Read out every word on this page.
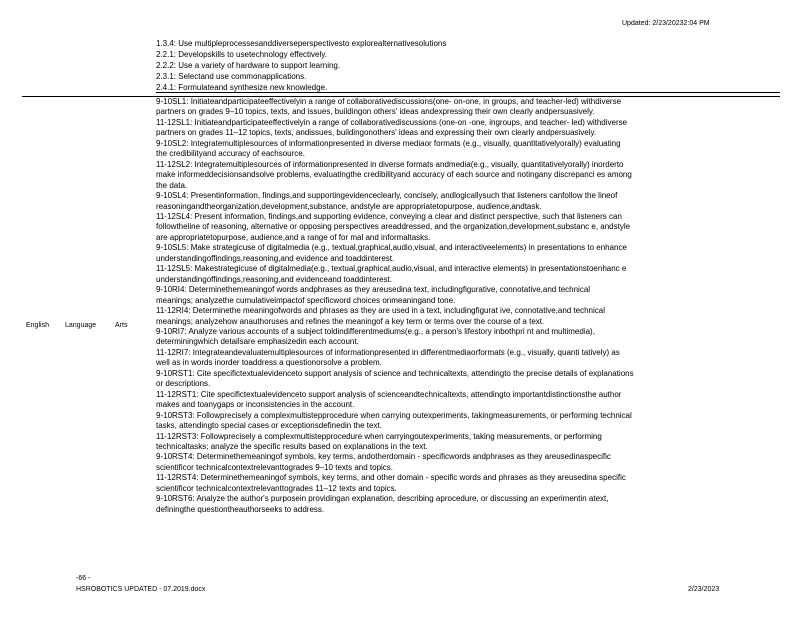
Updated: 2/23/20232:04 PM
1.3.4: Use multipleprocessesanddiverseperspectivesto explorealternativesolutions
2.2.1: Developskills to usetechnology effectively.
2.2.2: Use a variety of hardware to support learning.
2.3.1: Selectand use commonapplications.
2.4.1: Formulateand synthesize new knowledge.
English Language	Arts
9-10SL1: Initiateandparticipateeffectivelyin a range of collaborativediscussions(one- on-one, in groups, and teacher-led) withdiverse
partners on grades 9–10 topics, texts, and issues, buildingon others' ideas andexpressing their own clearly andpersuasively.
11-12SL1: Initiateandparticipateeffectivelyin a range of collaborativediscussions (one-on -one, ingroups, and teacher- led) withdiverse
partners on grades 11–12 topics, texts, andissues, buildingonothers' ideas and expressing their own clearly andpersuasively.
9-10SL2: Integratemultiplesources of informationpresented in diverse mediaor formats (e.g., visually, quantitativelyorally) evaluating
the credibilityand accuracy of eachsource.
11-12SL2: Integratemultiplesources of informationpresented in diverse formats andmedia(e.g., visually, quantitativelyorally) inorderto
make informeddecisionsandsolve problems, evaluatingthe credibilityand accuracy of each source and notingany discrepanci es among
the data.
9-10SL4: Presentinformation, findings,and supportingevidenceclearly, concisely, andlogicallysuch that listeners canfollow the lineof
reasoningandtheorganization,development,substance, andstyle are appropriatetopurpose, audience,andtask.
11-12SL4: Present information, findings,and supporting evidence, conveying a clear and distinct perspective, such that listeners can
followtheline of reasoning, alternative or opposing perspectives areaddressed, and the organization,development,substanc e, andstyle
are appropriatetopurpose, audience,and a range of for mal and informaltasks.
9-10SL5: Make strategicuse of digitalmedia (e.g., textual,graphical,audio,visual, and interactiveelements) in presentations to enhance
understandingoffindings,reasoning,and evidence and toaddinterest.
11-12SL5: Makestrategicuse of digitalmedia(e.g., textual,graphical,audio,visual, and interactive elements) in presentationstoenhanc e
understandingoffindings,reasoning,and evidenceand toaddinterest.
9-10RI4: Determinethemeaningof words andphrases as they areusedina text, includingfigurative, connotative,and technical
meanings; analyzethe cumulativeimpactof specificword choices onmeaningand tone.
11-12RI4: Determinethe meaningofwords and phrases as they are used in a text, includingfigurat ive, connotative,and technical
meanings; analyzehow anauthoruses and refines the meaningof a key term or terms over the course of a text.
9-10RI7: Analyze various accounts of a subject toldindifferentmediums(e.g., a person's lifestory inbothpri nt and multimedia),
determiningwhich detailsare emphasizedin each account.
11-12RI7: Integrateandevaluatemultiplesources of informationpresented in differentmediaorformats (e.g., visually, quanti tatively) as
well as in words inorder toaddress a questionorsolve a problem.
9-10RST1: Cite specifictextualevidenceto support analysis of science and technicaltexts, attendingto the precise details of explanations
or descriptions.
11-12RST1: Cite specifictextualevidenceto support analysis of scienceandtechnicaltexts, attendingto importantdistinctionsthe author
makes and toanygaps or inconsistencies in the account.
9-10RST3: Followprecisely a complexmultistepprocedure when carrying outexperiments, takingmeasurements, or performing technical
tasks, attendingto special cases or exceptionsdefinedin the text.
11-12RST3: Followprecisely a complexmultistepprocedure when carryingoutexperiments, taking measurements, or performing
technicaltasks; analyze the specific results based on explanations in the text.
9-10RST4: Determinethemeaningof symbols, key terms, andotherdomain - specificwords andphrases as they areusedinaspecific
scientificor technicalcontextrelevanttogrades 9–10 texts and topics.
11-12RST4: Determinethemeaningof symbols, key terms, and other domain - specific words and phrases as they areusedina specific
scientificor technicalcontextrelevanttogrades 11–12 texts and topics.
9-10RST6: Analyze the author's purposein providingan explanation, describing aprocedure, or discussing an experimentin atext,
definingthe questiontheauthorseeks to address.
-66 -
HSROBOTICS UPDATED - 07.2019.docx	2/23/2023
